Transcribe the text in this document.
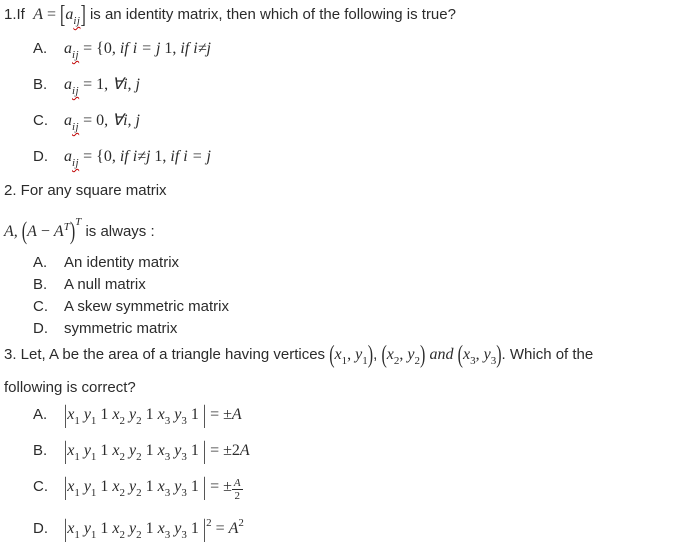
1.If  $A = [a_{ij}]$ is an identity matrix, then which of the following is true?
A. $a_{ij} = \{0$, if i = j 1, if i≠j
B. $a_{ij} = 1$, ∀i, j
C. $a_{ij} = 0$, ∀i, j
D. $a_{ij} = \{0$, if i≠j 1, if i = j
2. For any square matrix
A, $(A - A^T)^T$ is always :
A. An identity matrix
B. A null matrix
C. A skew symmetric matrix
D. symmetric matrix
3. Let, A be the area of a triangle having vertices ($x_1$, $y_1$), ($x_2$, $y_2$) and ($x_3$, $y_3$). Which of the
following is correct?
A. $|x_1$ $y_1$ 1 $x_2$ $y_2$ 1 $x_3$ $y_3$ 1 | = ±A
B. $|x_1$ $y_1$ 1 $x_2$ $y_2$ 1 $x_3$ $y_3$ 1 | = ±2A
C. $|x_1$ $y_1$ 1 $x_2$ $y_2$ 1 $x_3$ $y_3$ 1 | = ± $\frac{A}{2}$
D. $|x_1$ $y_1$ 1 $x_2$ $y_2$ 1 $x_3$ $y_3$ 1 $|^2 = A^2$
